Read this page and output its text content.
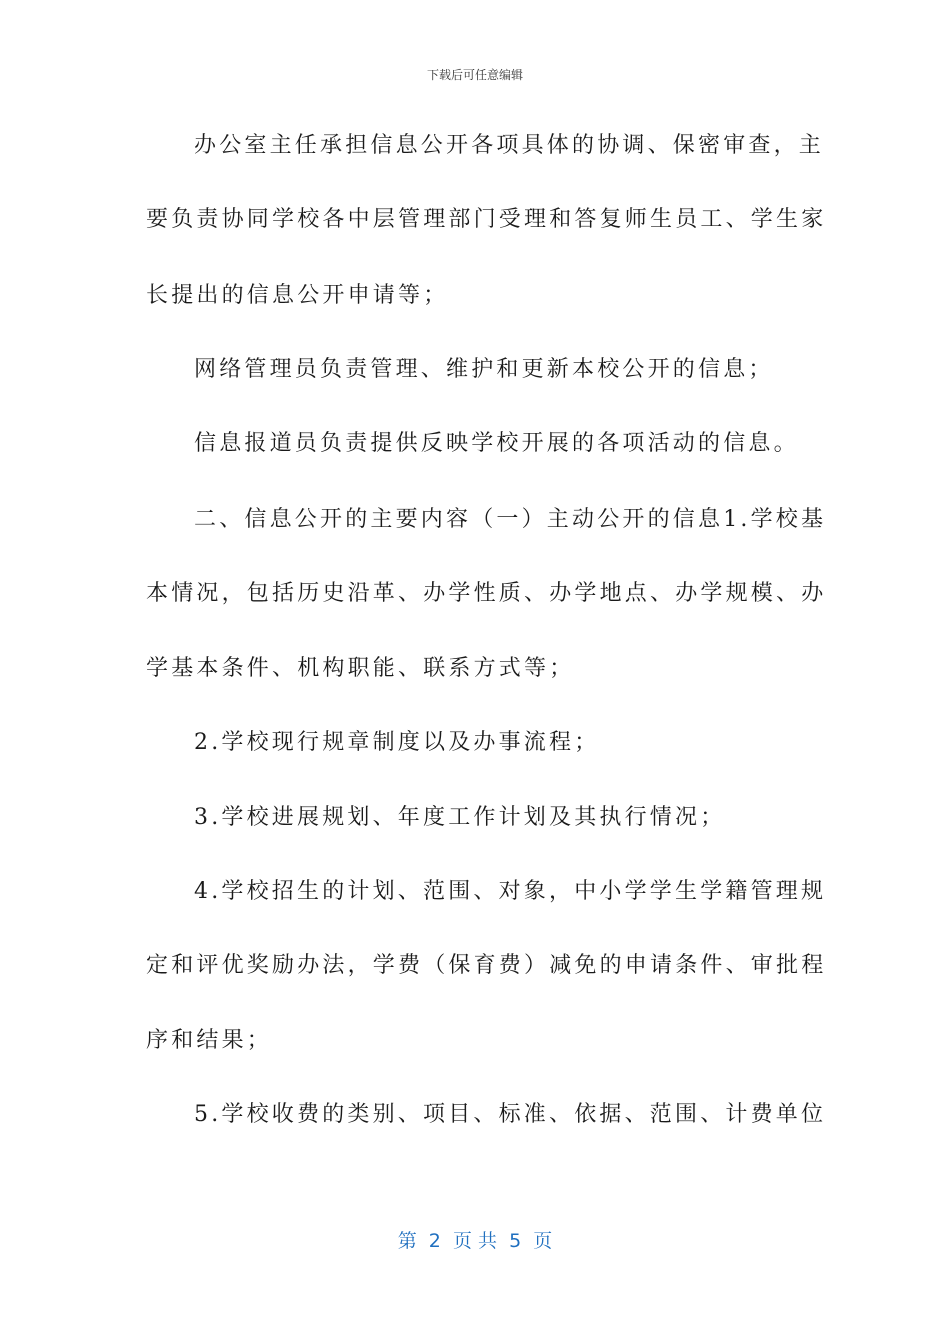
下载后可任意编辑
办公室主任承担信息公开各项具体的协调、保密审查，主
要负责协同学校各中层管理部门受理和答复师生员工、学生家
长提出的信息公开申请等；
网络管理员负责管理、维护和更新本校公开的信息；
信息报道员负责提供反映学校开展的各项活动的信息。
二、信息公开的主要内容（一）主动公开的信息1.学校基
本情况，包括历史沿革、办学性质、办学地点、办学规模、办
学基本条件、机构职能、联系方式等；
2.学校现行规章制度以及办事流程；
3.学校进展规划、年度工作计划及其执行情况；
4.学校招生的计划、范围、对象，中小学学生学籍管理规
定和评优奖励办法，学费（保育费）减免的申请条件、审批程
序和结果；
5.学校收费的类别、项目、标准、依据、范围、计费单位
第  2  页 共  5  页
